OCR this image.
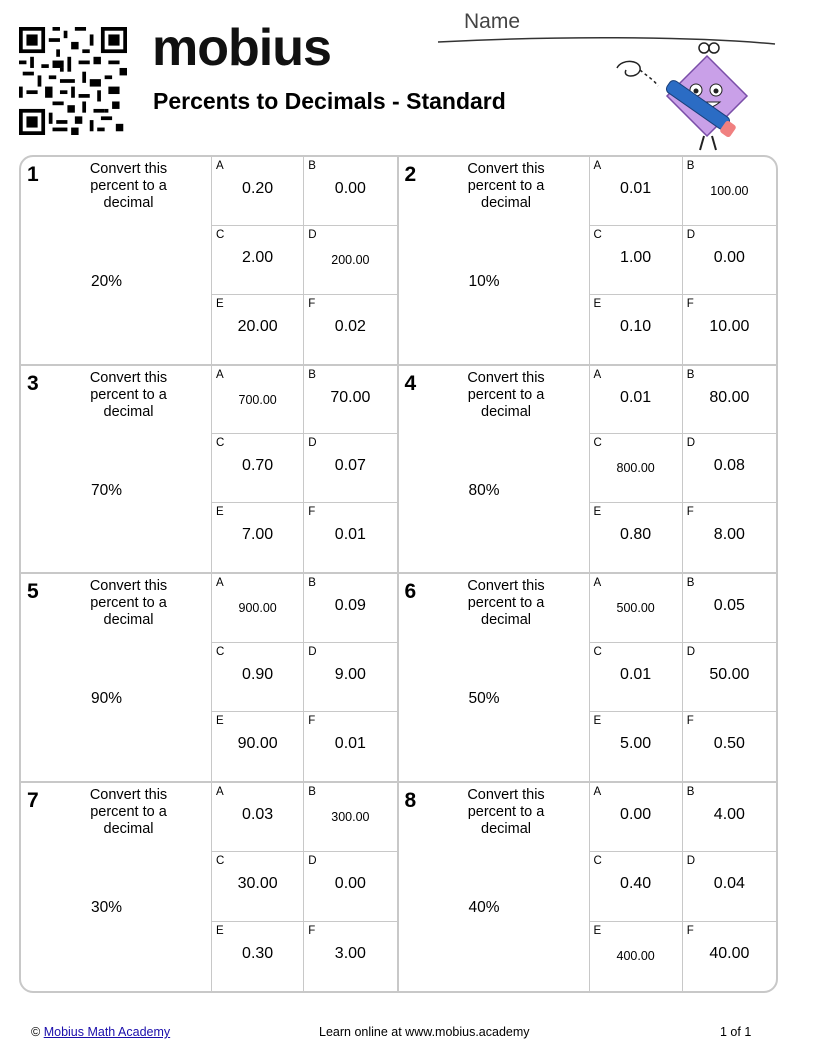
mobius
Percents to Decimals - Standard
Name
1	Convert this percent to a decimal
20%
A
0.20
B
0.00
C
2.00
D
200.00
E
20.00
F
0.02
2	Convert this percent to a decimal
10%
A
0.01
B
100.00
C
1.00
D
0.00
E
0.10
F
10.00
3	Convert this percent to a decimal
70%
A
700.00
B
70.00
C
0.70
D
0.07
E
7.00
F
0.01
4	Convert this percent to a decimal
80%
A
0.01
B
80.00
C
800.00
D
0.08
E
0.80
F
8.00
5	Convert this percent to a decimal
90%
A
900.00
B
0.09
C
0.90
D
9.00
E
90.00
F
0.01
6	Convert this percent to a decimal
50%
A
500.00
B
0.05
C
0.01
D
50.00
E
5.00
F
0.50
7	Convert this percent to a decimal
30%
A
0.03
B
300.00
C
30.00
D
0.00
E
0.30
F
3.00
8	Convert this percent to a decimal
40%
A
0.00
B
4.00
C
0.40
D
0.04
E
400.00
F
40.00
© Mobius Math Academy	Learn online at www.mobius.academy	1 of 1
